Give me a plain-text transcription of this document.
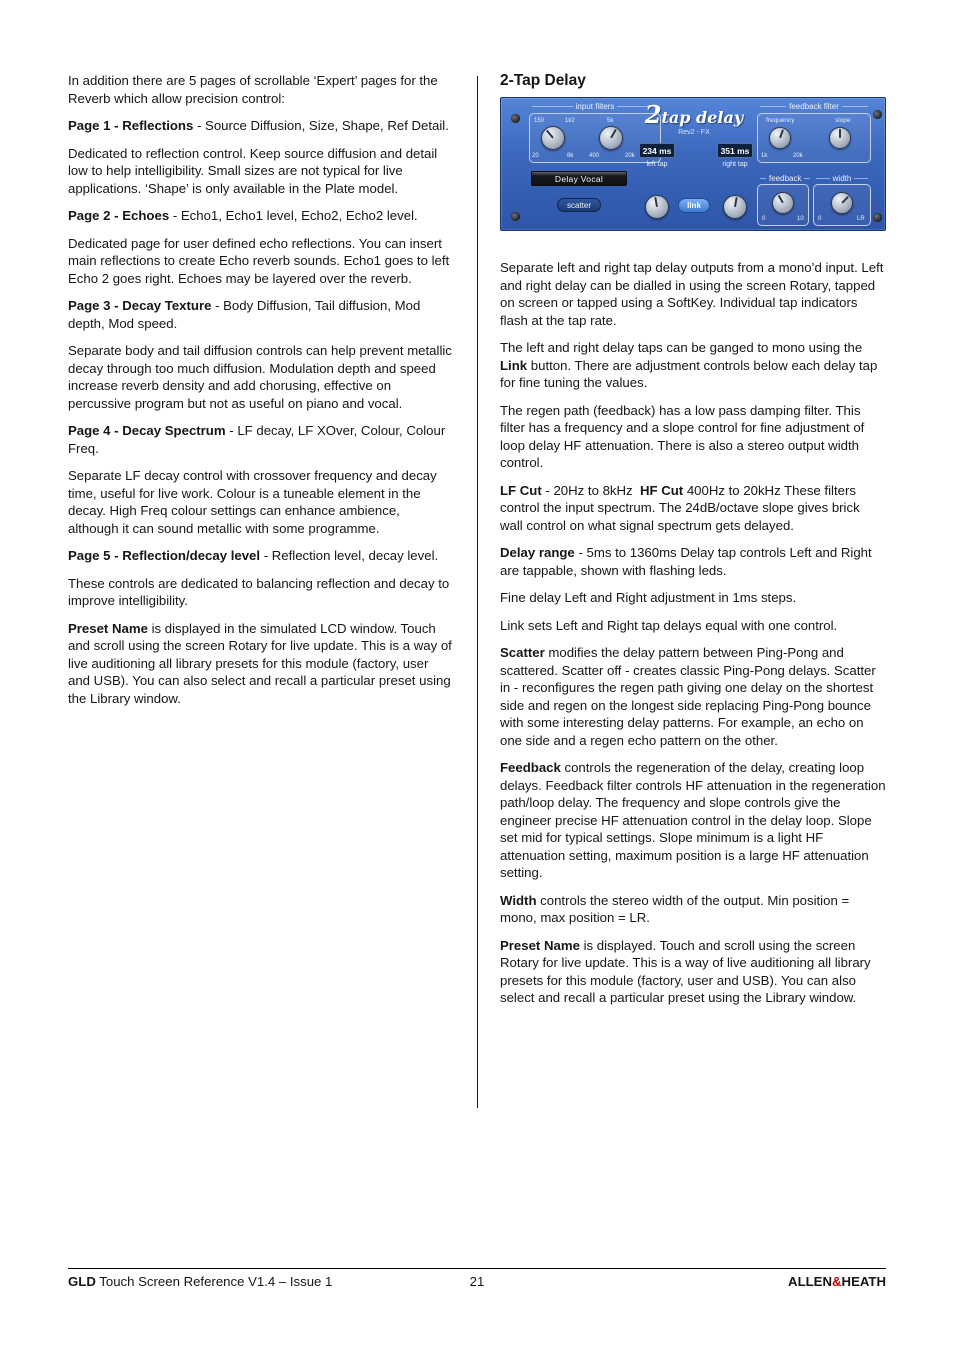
In addition there are 5 pages of scrollable ‘Expert’ pages for the Reverb which allow precision control:

Page 1 - Reflections - Source Diffusion, Size, Shape, Ref Detail.

Dedicated to reflection control. Keep source diffusion and detail low to help intelligibility. Small sizes are not typical for live applications. ‘Shape’ is only available in the Plate model.

Page 2 - Echoes - Echo1, Echo1 level, Echo2, Echo2 level.

Dedicated page for user defined echo reflections. You can insert main reflections to create Echo reverb sounds. Echo1 goes to left Echo 2 goes right. Echoes may be layered over the reverb.

Page 3 - Decay Texture - Body Diffusion, Tail diffusion, Mod depth, Mod speed.

Separate body and tail diffusion controls can help prevent metallic decay through too much diffusion. Modulation depth and speed increase reverb density and add chorusing, effective on percussive program but not as useful on piano and vocal.

Page 4 - Decay Spectrum - LF decay, LF XOver, Colour, Colour Freq.

Separate LF decay control with crossover frequency and decay time, useful for live work. Colour is a tuneable element in the decay. High Freq colour settings can enhance ambience, although it can sound metallic with some programme.

Page 5 - Reflection/decay level - Reflection level, decay level.

These controls are dedicated to balancing reflection and decay to improve intelligibility.

Preset Name is displayed in the simulated LCD window. Touch and scroll using the screen Rotary for live update. This is a way of live auditioning all library presets for this module (factory, user and USB). You can also select and recall a particular preset using the Library window.

2-Tap Delay
2tap delay
Rev2 - FX
input filters
150	1k2
20	8k
5k
400	20k
feedback filter
frequency	slope
1k	20k
Delay Vocal
scatter
234 ms	351 ms
left tap	right tap
link
feedback
0	10
width
0	LR

Separate left and right tap delay outputs from a mono’d input. Left and right delay can be dialled in using the screen Rotary, tapped on screen or tapped using a SoftKey. Individual tap indicators flash at the tap rate.

The left and right delay taps can be ganged to mono using the Link button. There are adjustment controls below each delay tap for fine tuning the values.

The regen path (feedback) has a low pass damping filter. This filter has a frequency and a slope control for fine adjustment of loop delay HF attenuation. There is also a stereo output width control.

LF Cut - 20Hz to 8kHz  HF Cut 400Hz to 20kHz These filters control the input spectrum. The 24dB/octave slope gives brick wall control on what signal spectrum gets delayed.

Delay range - 5ms to 1360ms Delay tap controls Left and Right are tappable, shown with flashing leds.

Fine delay Left and Right adjustment in 1ms steps.

Link sets Left and Right tap delays equal with one control.

Scatter modifies the delay pattern between Ping-Pong and scattered. Scatter off - creates classic Ping-Pong delays. Scatter in - reconfigures the regen path giving one delay on the shortest side and regen on the longest side replacing Ping-Pong bounce with some interesting delay patterns. For example, an echo on one side and a regen echo pattern on the other.

Feedback controls the regeneration of the delay, creating loop delays. Feedback filter controls HF attenuation in the regeneration path/loop delay. The frequency and slope controls give the engineer precise HF attenuation control in the delay loop. Slope set mid for typical settings. Slope minimum is a light HF attenuation setting, maximum position is a large HF attenuation setting.

Width controls the stereo width of the output. Min position = mono, max position = LR.

Preset Name is displayed. Touch and scroll using the screen Rotary for live update. This is a way of live auditioning all library presets for this module (factory, user and USB). You can also select and recall a particular preset using the Library window.

GLD Touch Screen Reference V1.4 – Issue 1	21	ALLEN&HEATH
